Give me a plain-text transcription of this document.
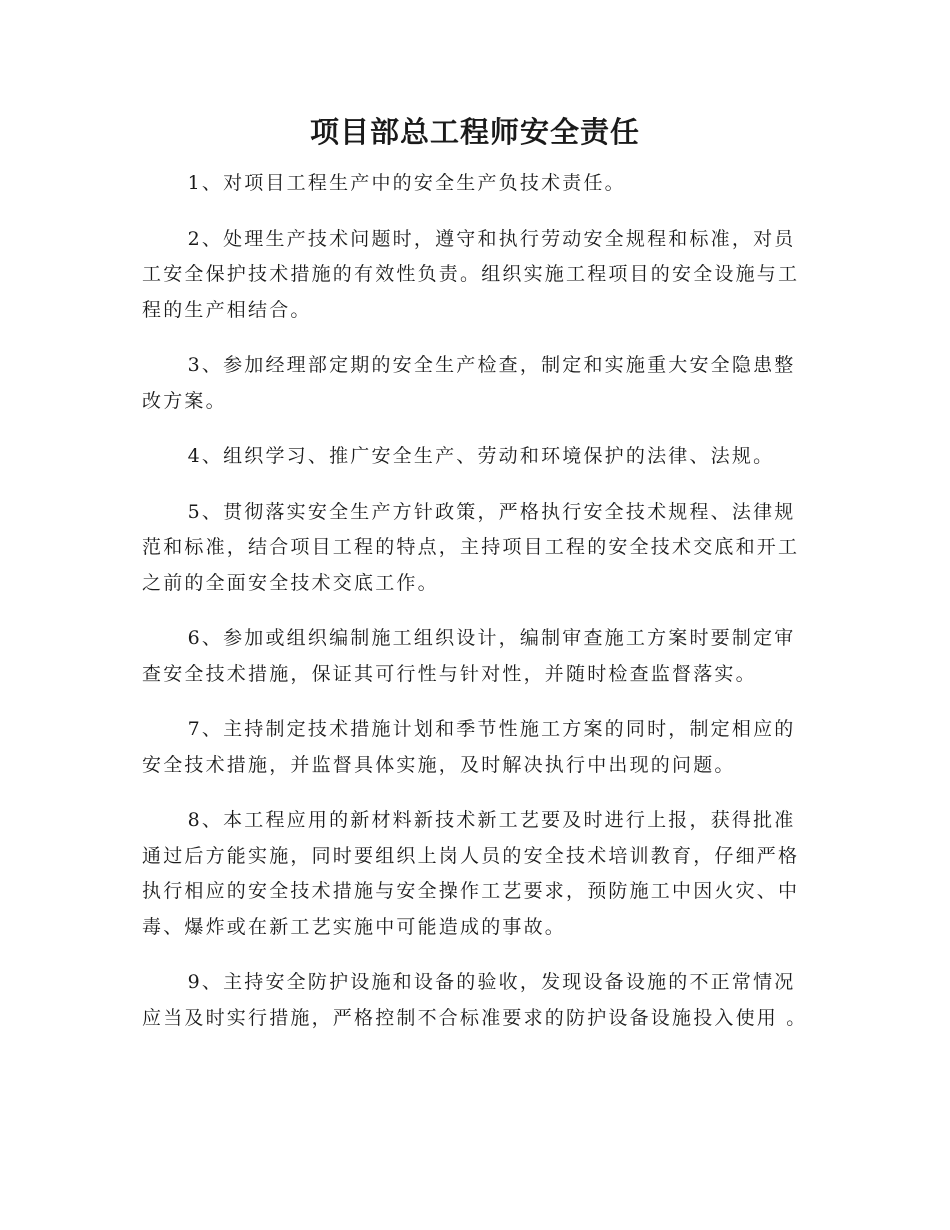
项目部总工程师安全责任

1、对项目工程生产中的安全生产负技术责任。

2、处理生产技术问题时，遵守和执行劳动安全规程和标准，对员工安全保护技术措施的有效性负责。组织实施工程项目的安全设施与工程的生产相结合。

3、参加经理部定期的安全生产检查，制定和实施重大安全隐患整改方案。

4、组织学习、推广安全生产、劳动和环境保护的法律、法规。

5、贯彻落实安全生产方针政策，严格执行安全技术规程、法律规范和标准，结合项目工程的特点，主持项目工程的安全技术交底和开工之前的全面安全技术交底工作。

6、参加或组织编制施工组织设计，编制审查施工方案时要制定审查安全技术措施，保证其可行性与针对性，并随时检查监督落实。

7、主持制定技术措施计划和季节性施工方案的同时，制定相应的安全技术措施，并监督具体实施，及时解决执行中出现的问题。

8、本工程应用的新材料新技术新工艺要及时进行上报，获得批准通过后方能实施，同时要组织上岗人员的安全技术培训教育，仔细严格执行相应的安全技术措施与安全操作工艺要求，预防施工中因火灾、中毒、爆炸或在新工艺实施中可能造成的事故。

9、主持安全防护设施和设备的验收，发现设备设施的不正常情况应当及时实行措施，严格控制不合标准要求的防护设备设施投入使用 。
